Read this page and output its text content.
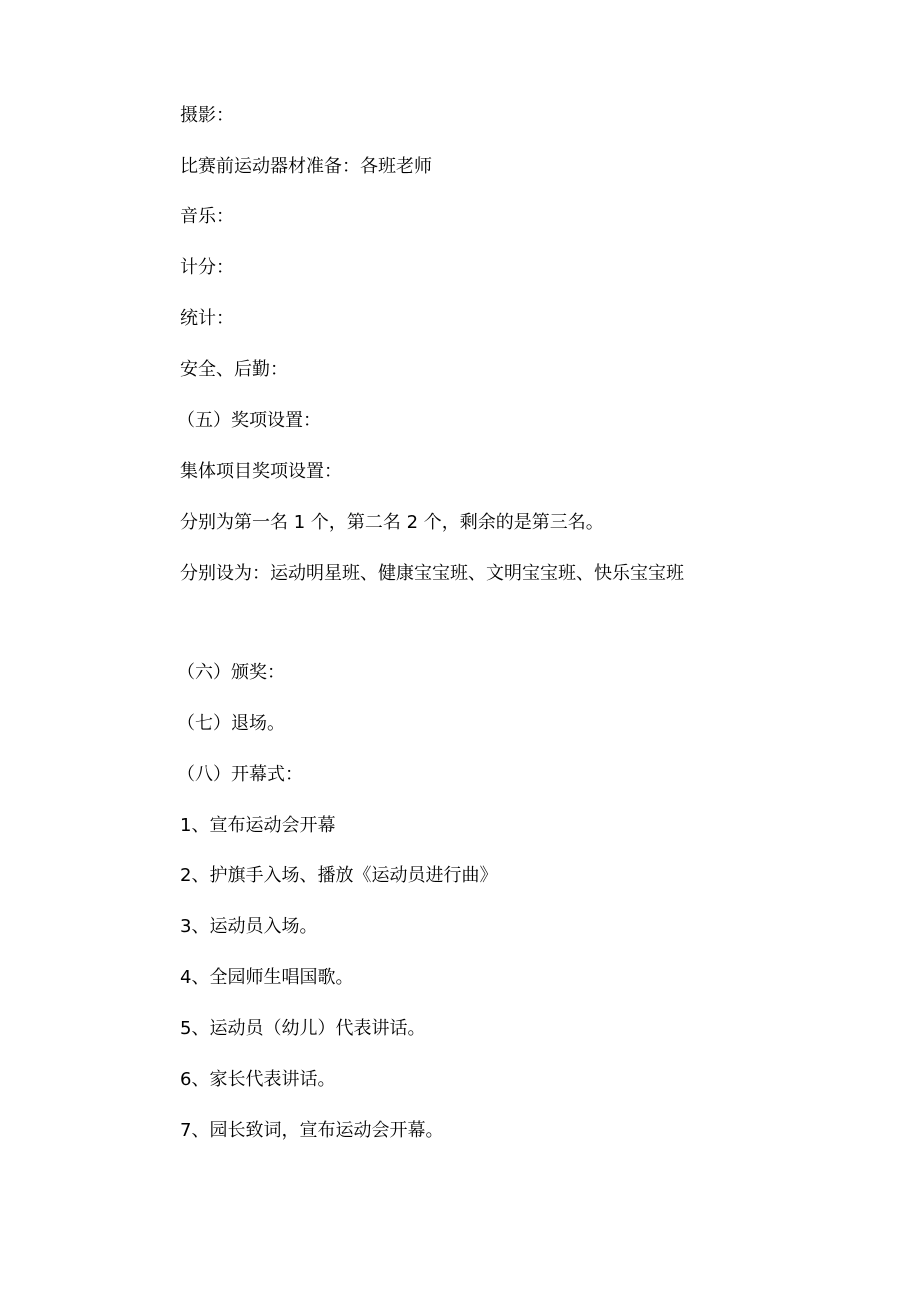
摄影：
比赛前运动器材准备：各班老师
音乐：
计分：
统计：
安全、后勤：
（五）奖项设置：
集体项目奖项设置：
分别为第一名 1 个，第二名 2 个，剩余的是第三名。
分别设为：运动明星班、健康宝宝班、文明宝宝班、快乐宝宝班
（六）颁奖：
（七）退场。
（八）开幕式：
1、宣布运动会开幕
2、护旗手入场、播放《运动员进行曲》
3、运动员入场。
4、全园师生唱国歌。
5、运动员（幼儿）代表讲话。
6、家长代表讲话。
7、园长致词，宣布运动会开幕。
